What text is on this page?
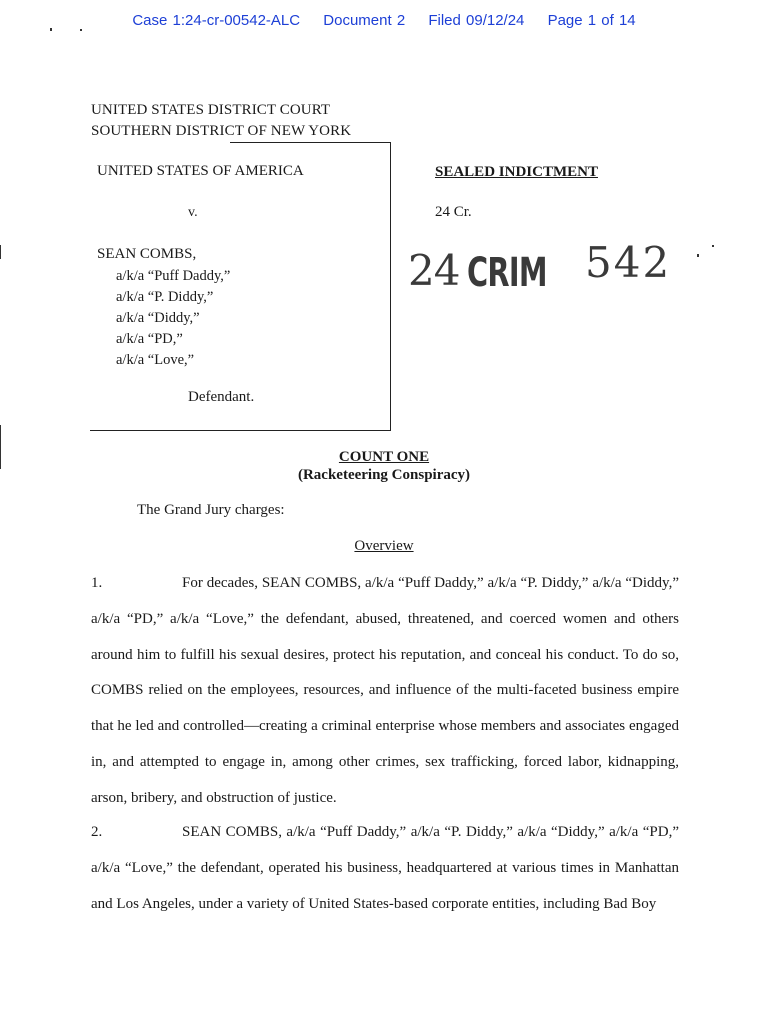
Case 1:24-cr-00542-ALC Document 2 Filed 09/12/24 Page 1 of 14
UNITED STATES DISTRICT COURT
SOUTHERN DISTRICT OF NEW YORK
UNITED STATES OF AMERICA
v.
SEAN COMBS,
a/k/a “Puff Daddy,”
a/k/a “P. Diddy,”
a/k/a “Diddy,”
a/k/a “PD,”
a/k/a “Love,”
Defendant.
SEALED INDICTMENT
24 Cr.
24 CRIM 542
COUNT ONE
(Racketeering Conspiracy)
The Grand Jury charges:
Overview
1.	For decades, SEAN COMBS, a/k/a “Puff Daddy,” a/k/a “P. Diddy,” a/k/a “Diddy,” a/k/a “PD,” a/k/a “Love,” the defendant, abused, threatened, and coerced women and others around him to fulfill his sexual desires, protect his reputation, and conceal his conduct. To do so, COMBS relied on the employees, resources, and influence of the multi-faceted business empire that he led and controlled—creating a criminal enterprise whose members and associates engaged in, and attempted to engage in, among other crimes, sex trafficking, forced labor, kidnapping, arson, bribery, and obstruction of justice.
2.	SEAN COMBS, a/k/a “Puff Daddy,” a/k/a “P. Diddy,” a/k/a “Diddy,” a/k/a “PD,” a/k/a “Love,” the defendant, operated his business, headquartered at various times in Manhattan and Los Angeles, under a variety of United States-based corporate entities, including Bad Boy
